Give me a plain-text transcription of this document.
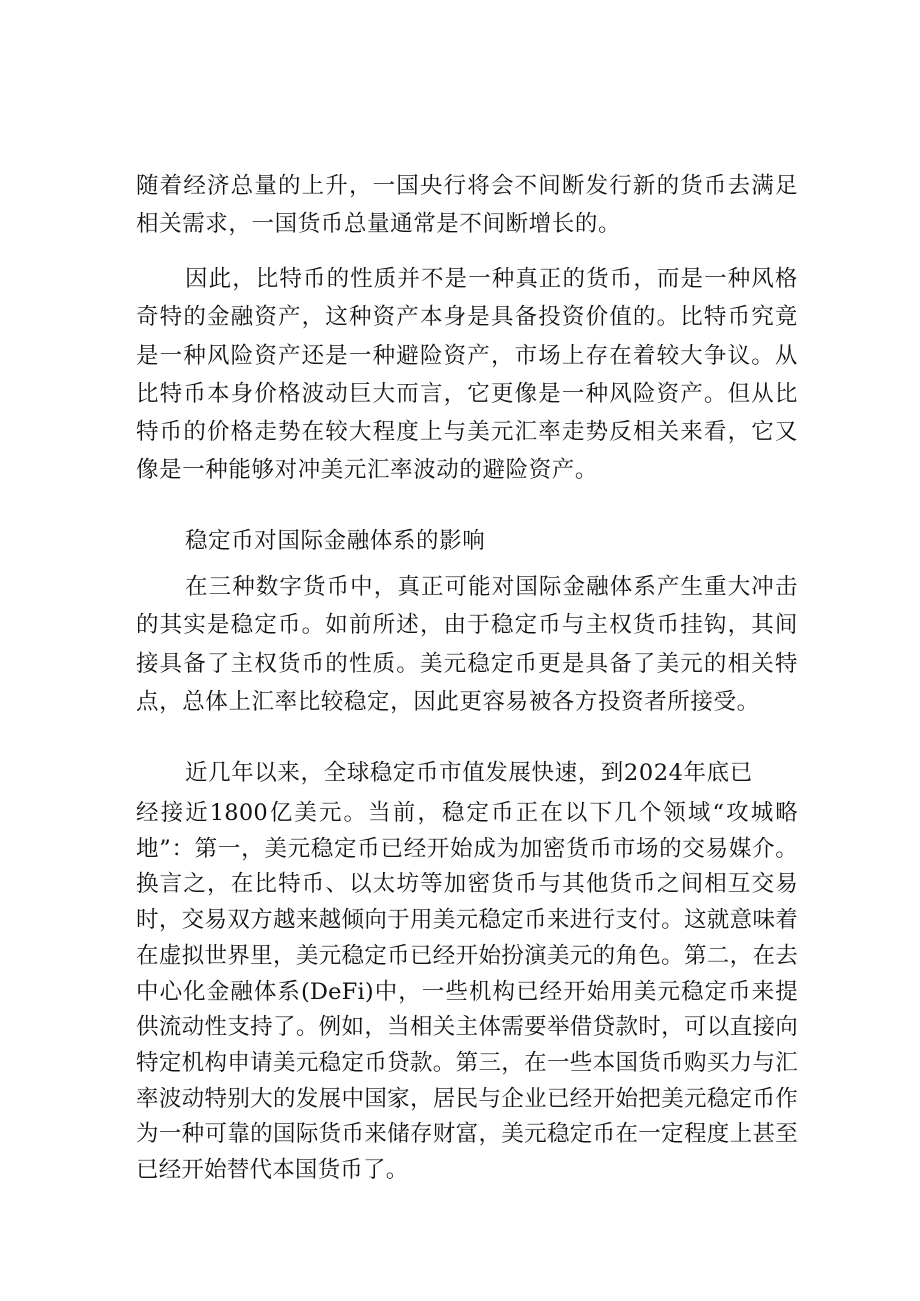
随着经济总量的上升，一国央行将会不间断发行新的货币去满足相关需求，一国货币总量通常是不间断增长的。

因此，比特币的性质并不是一种真正的货币，而是一种风格奇特的金融资产，这种资产本身是具备投资价值的。比特币究竟是一种风险资产还是一种避险资产，市场上存在着较大争议。从比特币本身价格波动巨大而言，它更像是一种风险资产。但从比特币的价格走势在较大程度上与美元汇率走势反相关来看，它又像是一种能够对冲美元汇率波动的避险资产。

稳定币对国际金融体系的影响

在三种数字货币中，真正可能对国际金融体系产生重大冲击的其实是稳定币。如前所述，由于稳定币与主权货币挂钩，其间接具备了主权货币的性质。美元稳定币更是具备了美元的相关特点，总体上汇率比较稳定，因此更容易被各方投资者所接受。

近几年以来，全球稳定币市值发展快速，到2024年底已

经接近1800亿美元。当前，稳定币正在以下几个领域“攻城略地”：第一，美元稳定币已经开始成为加密货币市场的交易媒介。换言之，在比特币、以太坊等加密货币与其他货币之间相互交易时，交易双方越来越倾向于用美元稳定币来进行支付。这就意味着在虚拟世界里，美元稳定币已经开始扮演美元的角色。第二，在去中心化金融体系(DeFi)中，一些机构已经开始用美元稳定币来提供流动性支持了。例如，当相关主体需要举借贷款时，可以直接向特定机构申请美元稳定币贷款。第三，在一些本国货币购买力与汇率波动特别大的发展中国家，居民与企业已经开始把美元稳定币作为一种可靠的国际货币来储存财富，美元稳定币在一定程度上甚至已经开始替代本国货币了。
